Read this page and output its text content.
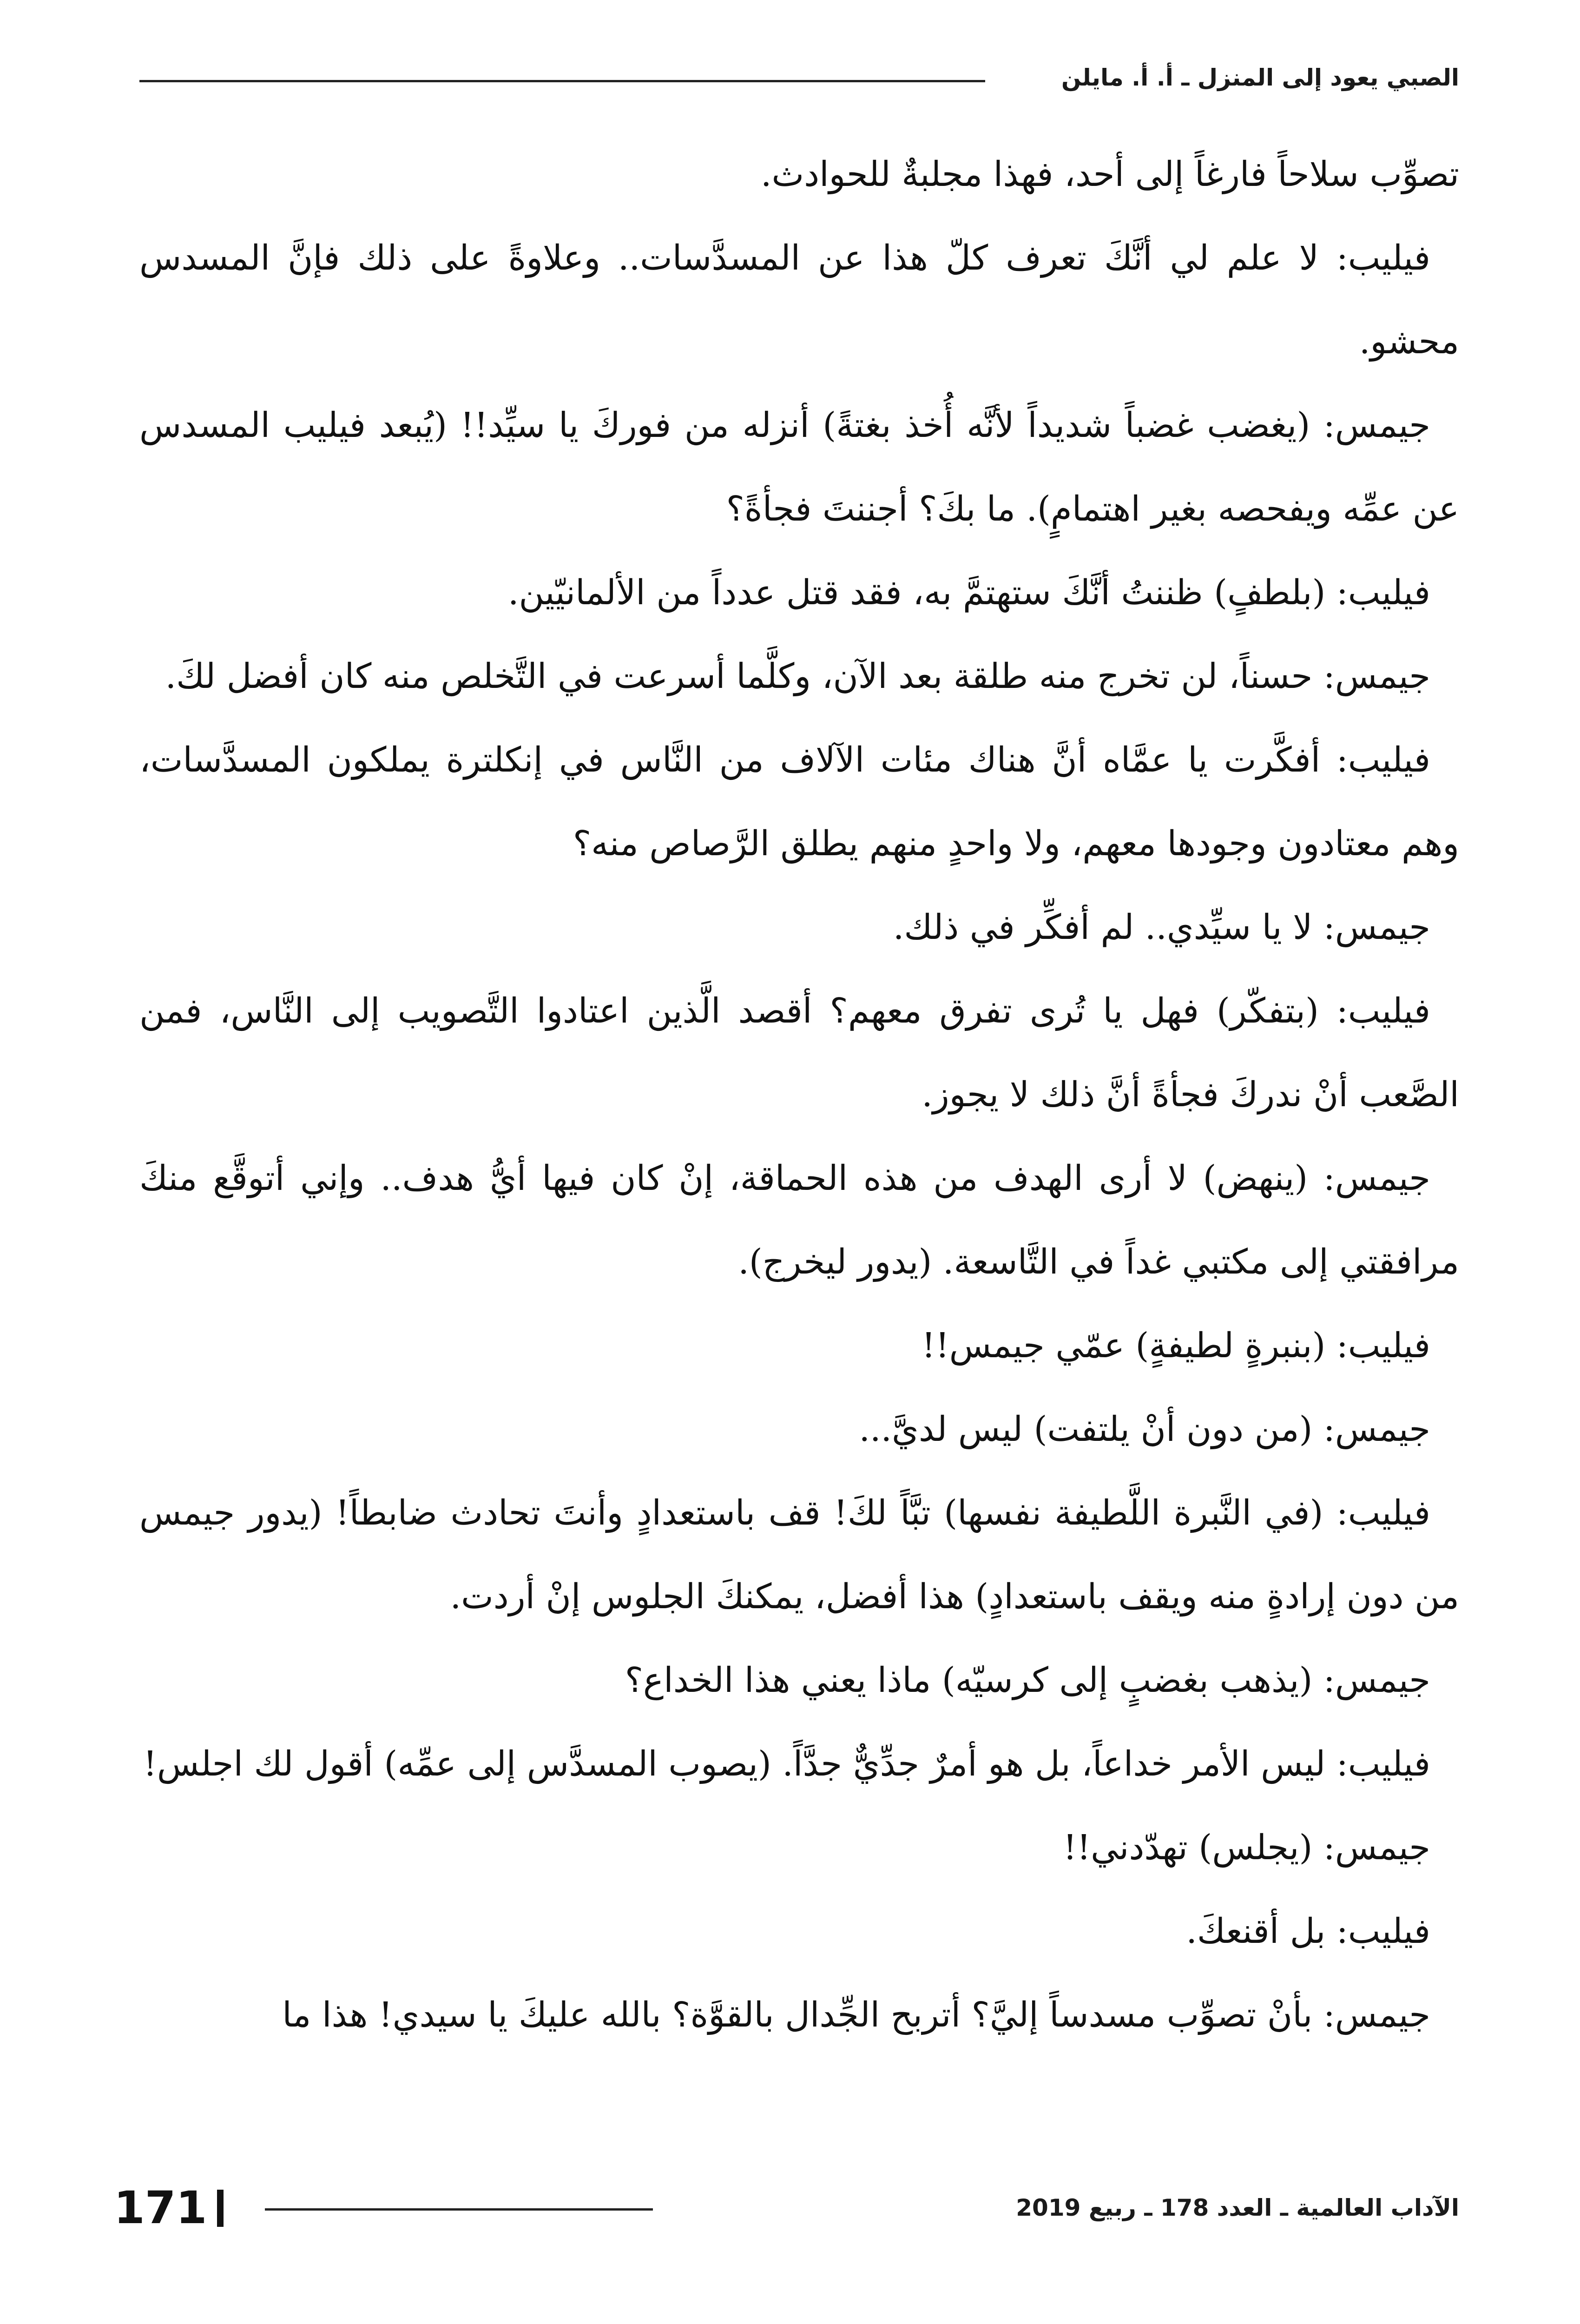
الصبي يعود إلى المنزل ـ أ. أ. مايلن

تصوِّب سلاحاً فارغاً إلى أحد، فهذا مجلبةٌ للحوادث.

فيليب: لا علم لي أنَّكَ تعرف كلّ هذا عن المسدَّسات.. وعلاوةً على ذلك فإنَّ المسدس محشو.

جيمس: (يغضب غضباً شديداً لأنَّه أُخذ بغتةً) أنزله من فوركَ يا سيِّد!! (يُبعد فيليب المسدس عن عمِّه ويفحصه بغير اهتمامٍ). ما بكَ؟ أجننتَ فجأةً؟

فيليب: (بلطفٍ) ظننتُ أنَّكَ ستهتمَّ به، فقد قتل عدداً من الألمانيّين.

جيمس: حسناً، لن تخرج منه طلقة بعد الآن، وكلَّما أسرعت في التَّخلص منه كان أفضل لكَ.

فيليب: أفكَّرت يا عمَّاه أنَّ هناك مئات الآلاف من النَّاس في إنكلترة يملكون المسدَّسات، وهم معتادون وجودها معهم، ولا واحدٍ منهم يطلق الرَّصاص منه؟

جيمس: لا يا سيِّدي.. لم أفكِّر في ذلك.

فيليب: (بتفكّر) فهل يا تُرى تفرق معهم؟ أقصد الَّذين اعتادوا التَّصويب إلى النَّاس، فمن الصَّعب أنْ ندركَ فجأةً أنَّ ذلك لا يجوز.

جيمس: (ينهض) لا أرى الهدف من هذه الحماقة، إنْ كان فيها أيُّ هدف.. وإني أتوقَّع منكَ مرافقتي إلى مكتبي غداً في التَّاسعة. (يدور ليخرج).

فيليب: (بنبرةٍ لطيفةٍ) عمّي جيمس!!

جيمس: (من دون أنْ يلتفت) ليس لديَّ...

فيليب: (في النَّبرة اللَّطيفة نفسها) تبَّاً لكَ! قف باستعدادٍ وأنتَ تحادث ضابطاً! (يدور جيمس من دون إرادةٍ منه ويقف باستعدادٍ) هذا أفضل، يمكنكَ الجلوس إنْ أردت.

جيمس: (يذهب بغضبٍ إلى كرسيّه) ماذا يعني هذا الخداع؟

فيليب: ليس الأمر خداعاً، بل هو أمرٌ جدِّيٌّ جدَّاً. (يصوب المسدَّس إلى عمِّه) أقول لك اجلس!

جيمس: (يجلس) تهدّدني!!

فيليب: بل أقنعكَ.

جيمس: بأنْ تصوِّب مسدساً إليَّ؟ أتربح الجِّدال بالقوَّة؟ بالله عليكَ يا سيدي! هذا ما

171	الآداب العالمية ـ العدد 178 ـ ربيع 2019
